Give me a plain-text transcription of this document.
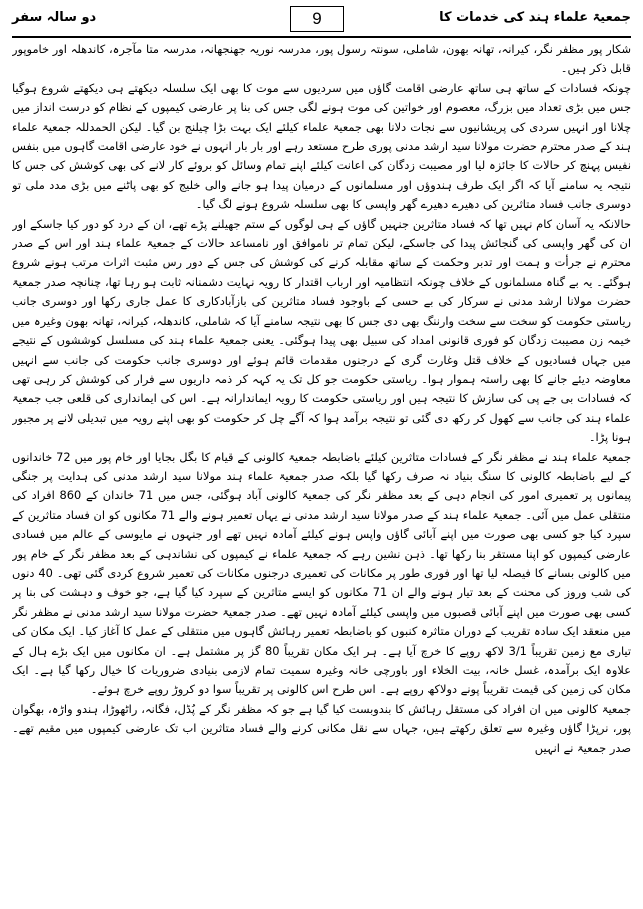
جمعیۃ علماء ہند کی خدمات کا
9
دو سالہ سفر

شکار پور مظفر نگر، کیرانہ، تھانہ بھون، شاملی، سونتہ رسول پور، مدرسہ نوریہ جھنجھانہ، مدرسہ متا مآجرہ، کاندھلہ اور خاموپور قابل ذکر ہیں۔

چونکہ فسادات کے ساتھ ہی ساتھ عارضی اقامت گاؤں میں سردیوں سے موت کا بھی ایک سلسلہ دیکھتے ہی دیکھتے شروع ہوگیا جس میں بڑی تعداد میں بزرگ، معصوم اور خواتین کی موت ہونے لگی جس کی بنا پر عارضی کیمپوں کے نظام کو درست انداز میں چلانا اور انہیں سردی کی پریشانیوں سے نجات دلانا بھی جمعیۃ علماء کیلئے ایک بہت بڑا چیلنج بن گیا۔ لیکن الحمدللہ جمعیۃ علماء ہند کے صدر محترم حضرت مولانا سید ارشد مدنی پوری طرح مستعد رہے اور بار بار انہوں نے خود عارضی اقامت گاہوں میں بنفس نفیس پہنچ کر حالات کا جائزہ لیا اور مصیبت زدگان کی اعانت کیلئے اپنے تمام وسائل کو بروئے کار لانے کی بھی کوشش کی جس کا نتیجہ یہ سامنے آیا کہ اگر ایک طرف ہندوؤں اور مسلمانوں کے درمیان پیدا ہو جانے والی خلیج کو بھی پاٹنے میں بڑی مدد ملی تو دوسری جانب فساد متاثرین کی دھیرے دھیرے گھر واپسی کا بھی سلسلہ شروع ہونے لگ گیا۔

حالانکہ یہ آسان کام نہیں تھا کہ فساد متاثرین جنہیں گاؤں کے ہی لوگوں کے ستم جھیلنے پڑے تھے، ان کے درد کو دور کیا جاسکے اور ان کی گھر واپسی کی گنجائش پیدا کی جاسکے، لیکن تمام تر ناموافق اور نامساعد حالات کے جمعیۃ علماء ہند اور اس کے صدر محترم نے جرأت و ہمت اور تدبر وحکمت کے ساتھ مقابلہ کرنے کی کوشش کی جس کے دور رس مثبت اثرات مرتب ہونے شروع ہوگئے۔ یہ بے گناہ مسلمانوں کے خلاف چونکہ انتظامیہ اور ارباب اقتدار کا رویہ نہایت دشمنانہ ثابت ہو رہا تھا، چنانچہ صدر جمعیۃ حضرت مولانا ارشد مدنی نے سرکار کی بے حسی کے باوجود فساد متاثرین کی بازآبادکاری کا عمل جاری رکھا اور دوسری جانب ریاستی حکومت کو سخت سے سخت وارننگ بھی دی جس کا بھی نتیجہ سامنے آیا کہ شاملی، کاندھلہ، کیرانہ، تھانہ بھون وغیرہ میں خیمہ زن مصیبت زدگان کو فوری قانونی امداد کی سبیل بھی پیدا ہوگئی۔ یعنی جمعیۃ علماء ہند کی مسلسل کوششوں کے نتیجے میں جہاں فسادیوں کے خلاف قتل وغارت گری کے درجنوں مقدمات قائم ہوئے اور دوسری جانب حکومت کی جانب سے انہیں معاوضہ دیئے جانے کا بھی راستہ ہموار ہوا۔ ریاستی حکومت جو کل تک یہ کہہ کر ذمہ داریوں سے فرار کی کوشش کر رہی تھی کہ فسادات بی جے پی کی سازش کا نتیجہ ہیں اور ریاستی حکومت کا رویہ ایماندارانہ ہے۔ اس کی ایمانداری کی قلعی جب جمعیۃ علماء ہند کی جانب سے کھول کر رکھ دی گئی تو نتیجہ برآمد ہوا کہ آگے چل کر حکومت کو بھی اپنے رویہ میں تبدیلی لانے پر مجبور ہونا پڑا۔

جمعیۃ علماء ہند نے مظفر نگر کے فسادات متاثرین کیلئے باضابطہ جمعیۃ کالونی کے قیام کا بگل بجایا اور خام پور میں 72 خاندانوں کے لیے باضابطہ کالونی کا سنگ بنیاد نہ صرف رکھا گیا بلکہ صدر جمعیۃ علماء ہند مولانا سید ارشد مدنی کی ہدایت پر جنگی پیمانوں پر تعمیری امور کی انجام دہی کے بعد مظفر نگر کی جمعیۃ کالونی آباد ہوگئی، جس میں 71 خاندان کے 860 افراد کی منتقلی عمل میں آئی۔ جمعیۃ علماء ہند کے صدر مولانا سید ارشد مدنی نے یہاں تعمیر ہونے والے 71 مکانوں کو ان فساد متاثرین کے سپرد کیا جو کسی بھی صورت میں اپنے آبائی گاؤں واپس ہونے کیلئے آمادہ نہیں تھے اور جنہوں نے مایوسی کے عالم میں فسادی عارضی کیمپوں کو اپنا مستقر بنا رکھا تھا۔ ذہن نشین رہے کہ جمعیۃ علماء نے کیمپوں کی نشاندہی کے بعد مظفر نگر کے خام پور میں کالونی بسانے کا فیصلہ لیا تھا اور فوری طور پر مکانات کی تعمیری درجنوں مکانات کی تعمیر شروع کردی گئی تھی۔ 40 دنوں کی شب وروز کی محنت کے بعد تیار ہونے والے ان 71 مکانوں کو ایسے متاثرین کے سپرد کیا گیا ہے، جو خوف و دہشت کی بنا پر کسی بھی صورت میں اپنے آبائی قصبوں میں واپسی کیلئے آمادہ نہیں تھے۔ صدر جمعیۃ حضرت مولانا سید ارشد مدنی نے مظفر نگر میں منعقد ایک سادہ تقریب کے دوران متاثرہ کنبوں کو باضابطہ تعمیر رہائش گاہوں میں منتقلی کے عمل کا آغاز کیا۔ ایک مکان کی تیاری مع زمین تقریباً 3/1 لاکھ روپے کا خرچ آیا ہے۔ ہر ایک مکان تقریباً 80 گز پر مشتمل ہے۔ ان مکانوں میں ایک بڑے ہال کے علاوہ ایک برآمدہ، غسل خانہ، بیت الخلاء اور باورچی خانہ وغیرہ سمیت تمام لازمی بنیادی ضروریات کا خیال رکھا گیا ہے۔ ایک مکان کی زمین کی قیمت تقریباً پونے دولاکھ روپے ہے۔ اس طرح اس کالونی پر تقریباً سوا دو کروڑ روپے خرچ ہوئے۔

جمعیۃ کالونی میں ان افراد کی مستقل رہائش کا بندوبست کیا گیا ہے جو کہ مظفر نگر کے پُڈل، فگانہ، راٹھوڑا، ہندو واڑہ، بھگوان پور، نرپڑا گاؤں وغیرہ سے تعلق رکھتے ہیں، جہاں سے نقل مکانی کرنے والے فساد متاثرین اب تک عارضی کیمپوں میں مقیم تھے۔ صدر جمعیۃ نے انہیں
